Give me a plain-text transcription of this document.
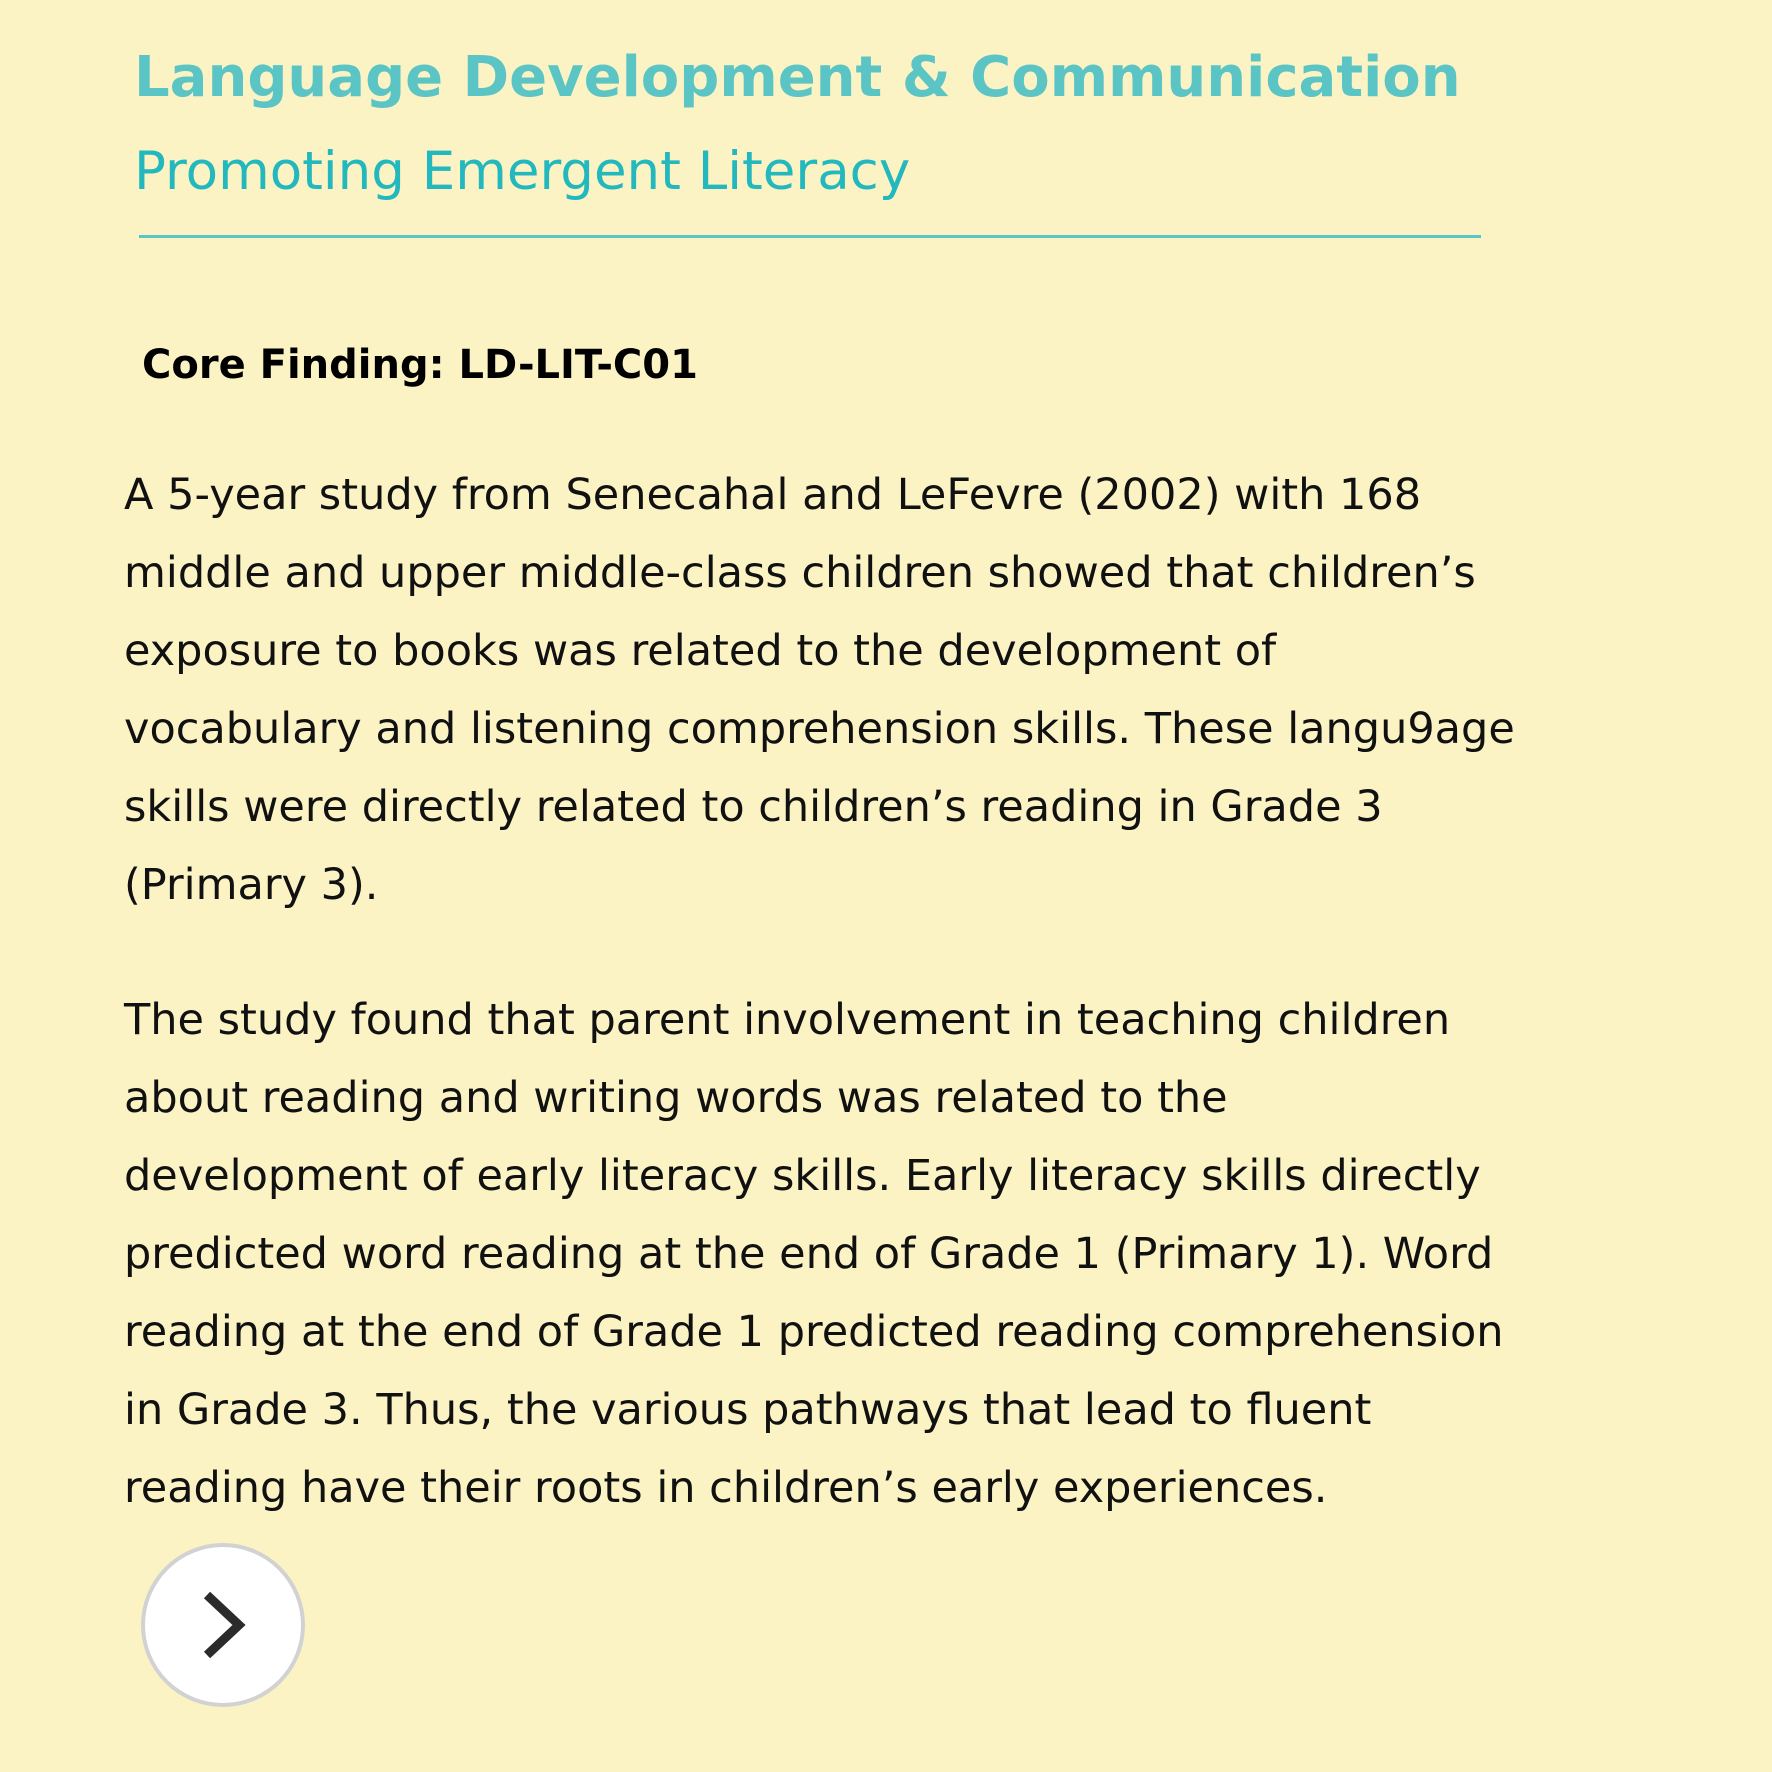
Language Development & Communication
Promoting Emergent Literacy
Core Finding: LD-LIT-C01

A 5-year study from Senecahal and LeFevre (2002) with 168
middle and upper middle-class children showed that children’s
exposure to books was related to the development of
vocabulary and listening comprehension skills. These langu9age
skills were directly related to children’s reading in Grade 3
(Primary 3).

The study found that parent involvement in teaching children
about reading and writing words was related to the
development of early literacy skills. Early literacy skills directly
predicted word reading at the end of Grade 1 (Primary 1). Word
reading at the end of Grade 1 predicted reading comprehension
in Grade 3. Thus, the various pathways that lead to fluent
reading have their roots in children’s early experiences.
